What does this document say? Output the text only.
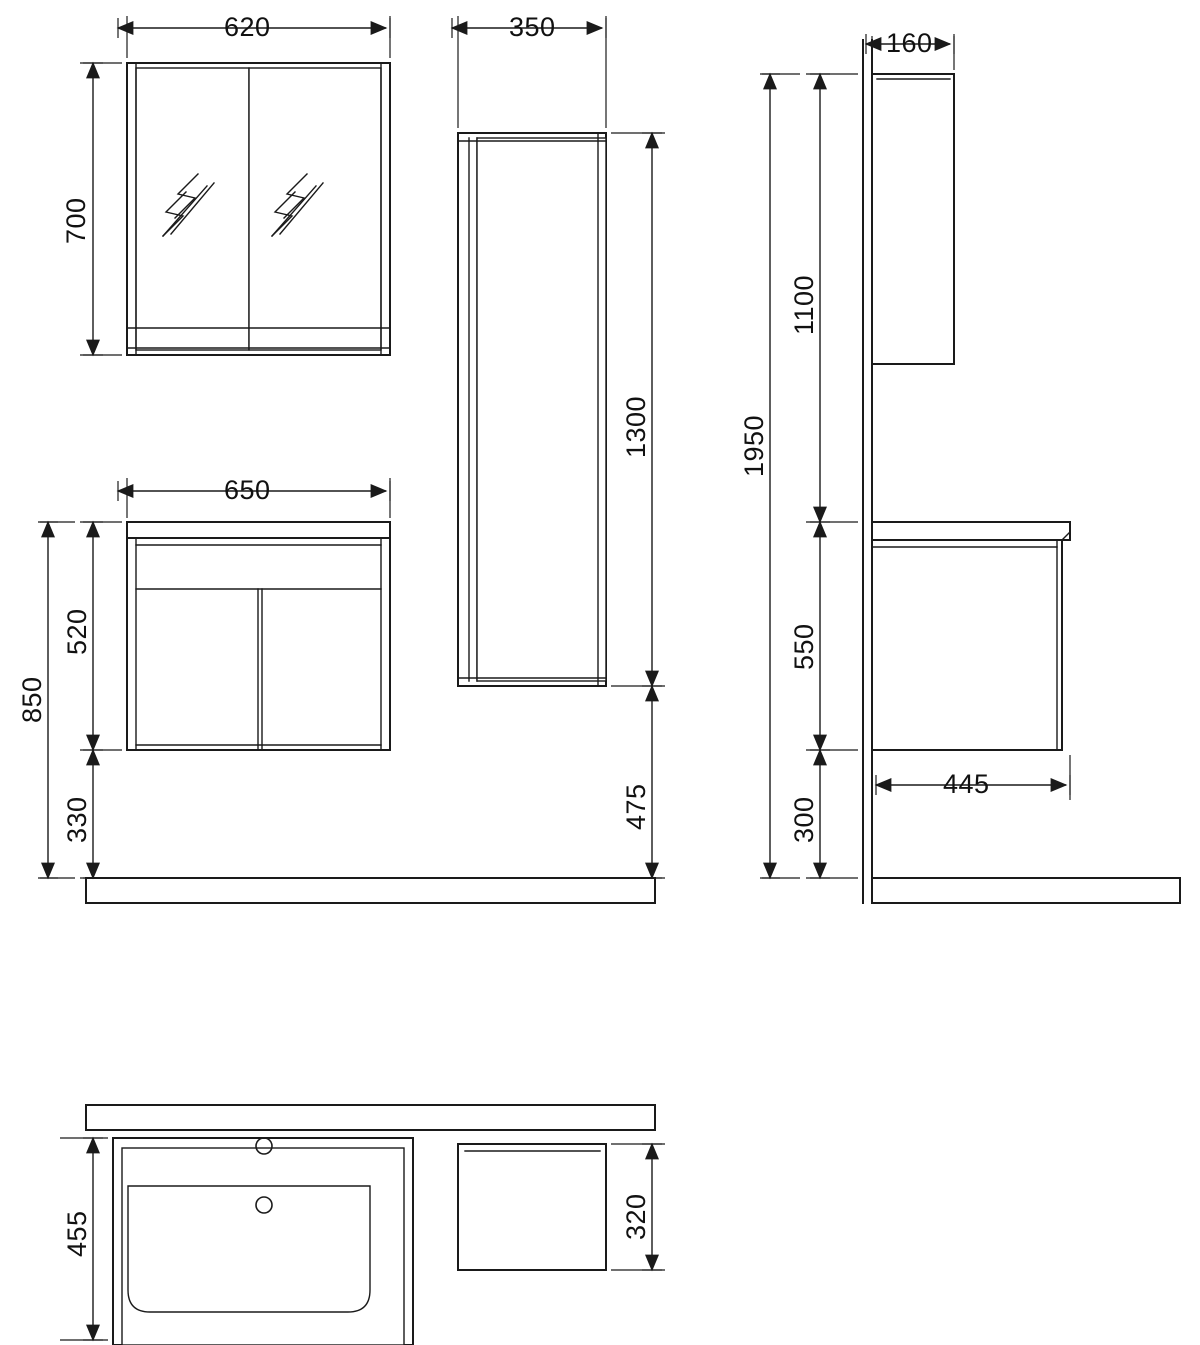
620
700
350
1300
475
650
520
330
850
160
1100
550
300
1950
445
455	320
